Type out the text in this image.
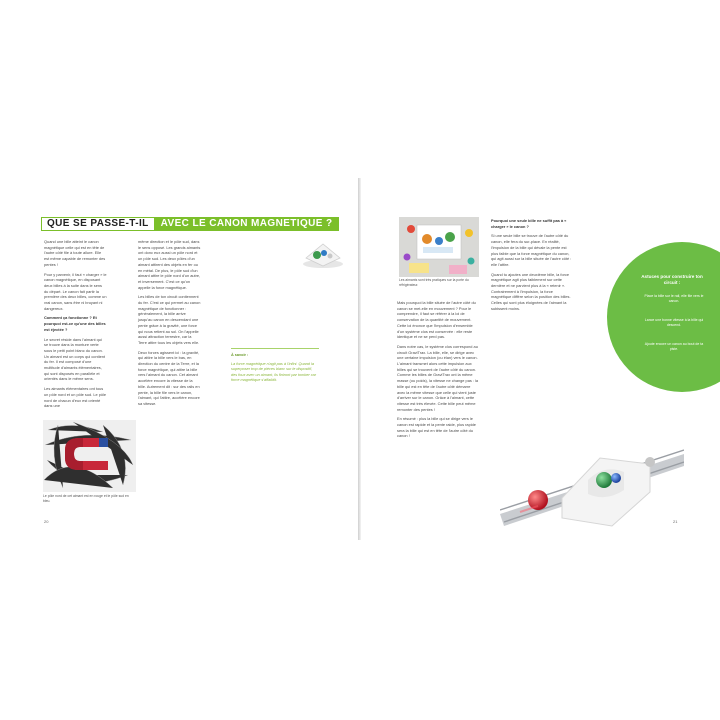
QUE SE PASSE-T-IL	AVEC LE CANON MAGNETIQUE ?

Quand une bille atteint le canon magnétique celle qui est en tête de l'autre côté file à toute allure. Elle est même capable de remonter des pentes !

Pour y parvenir, il faut « charger » le canon magnétique, en disposant deux billes à la suite dans le sens du départ. Le canon fait partir la première des deux billes, comme un vrai canon, sans être ni bruyant ni dangereux.

Comment ça fonctionne ? Et pourquoi est-ce qu'une des billes est éjectée ?

Le secret réside dans l'aimant qui se trouve dans la monture verte sous le petit point blanc du canon. Un aimant est un corps qui contient du fer. Il est composé d'une multitude d'aimants élémentaires, qui sont disposés en parallèle et orientés dans le même sens.

Les aimants élémentaires ont tous un pôle nord et un pôle sud. Le pôle nord de chacun d'eux est orienté dans une

même direction et le pôle sud, dans le sens opposé. Les grands aimants ont donc eux aussi un pôle nord et un pôle sud. Les deux pôles d'un aimant attirent des objets en fer ou en métal. De plus, le pôle sud d'un aimant attire le pôle nord d'un autre, et inversement. C'est ce qu'on appelle la force magnétique.

Les billes de ton circuit contiennent du fer. C'est ce qui permet au canon magnétique de fonctionner : généralement, la bille arrive jusqu'au canon en descendant une pente grâce à la gravité, une force qui nous retient au sol. On l'appelle aussi attraction terrestre, car la Terre attire tous les objets vers elle.

Deux forces agissent ici : la gravité, qui attire la bille vers le bas, en direction du centre de la Terre, et la force magnétique, qui attire la bille vers l'aimant du canon. Cet aimant accélère encore la vitesse de la bille. Autrement dit : sur des rails en pente, la bille file vers le canon, l'aimant, qui l'attire, accélère encore sa vitesse.

À savoir :
La force magnétique n'agit pas à l'infini. Quand la superposer trop de pièces blanc sur le dispositif, des foux avec un aimant, ils finiront par tomber car force magnétique s'affaiblit.
Le pôle nord de cet aimant est en rouge et le pôle sud en bleu.
20
Les aimants sont très pratiques sur la porte du réfrigérateur.

Mais pourquoi la bille située de l'autre côté du canon se met-elle en mouvement ? Pour le comprendre, il faut se référer à la loi de conservation de la quantité de mouvement. Cette loi énonce que l'impulsion d'ensemble d'un système clos est conservée : elle reste identique et ne se perd pas.

Dans notre cas, le système clos correspond au circuit GraviTrax. La bille, elle, se dirige avec une certaine impulsion (ou élan) vers le canon. L'aimant transmet alors cette impulsion aux billes qui se trouvent de l'autre côté du canon. Comme les billes de GraviTrax ont la même masse (ou poids), la vitesse ne change pas : la bille qui est en tête de l'autre côté démarre avec la même vitesse que celle qui vient juste d'arriver sur le canon. Grâce à l'aimant, cette vitesse est très élevée. Cette bille peut même remonter des pentes !

En résumé : plus la bille qui se dirige vers le canon est rapide et la pente raide, plus rapide sera la bille qui est en tête de l'autre côté du canon !

Pourquoi une seule bille ne suffit pas à « charger » le canon ?

Si une seule bille se trouve de l'autre côté du canon, elle fera du sur-place. En réalité, l'impulsion de la bille qui dévale la pente est plus faible que la force magnétique du canon, qui agit aussi sur la bille située de l'autre côté : elle l'attire.

Quand tu ajoutes une deuxième bille, la force magnétique agit plus faiblement sur cette dernière et ne parvient plus à la « retenir ». Contrairement à l'impulsion, la force magnétique diffère selon la position des billes. Celles qui sont plus éloignées de l'aimant la subissent moins.

Astuces pour construire ton circuit :
Place la bille sur le rail, elle file vers le canon.
Lance une bonne vitesse à la bille qui descend.
Ajoute encore un canon au bout de ta piste.
21
